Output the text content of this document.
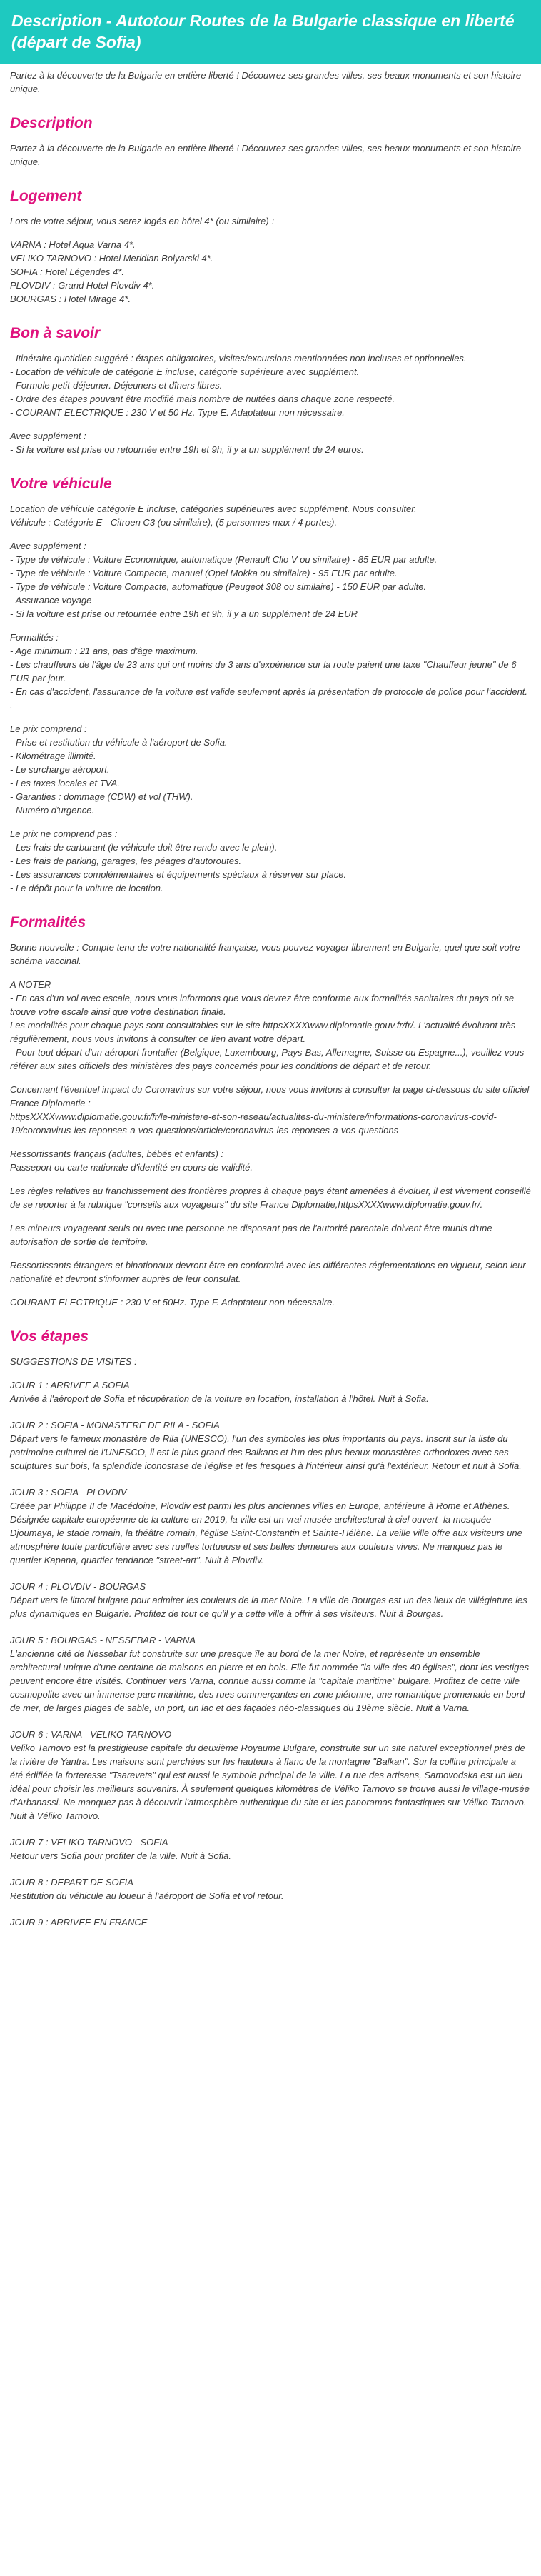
Description - Autotour Routes de la Bulgarie classique en liberté (départ de Sofia)

Partez à la découverte de la Bulgarie en entière liberté ! Découvrez ses grandes villes, ses beaux monuments et son histoire unique.

Description

Partez à la découverte de la Bulgarie en entière liberté ! Découvrez ses grandes villes, ses beaux monuments et son histoire unique.

Logement

Lors de votre séjour, vous serez logés en hôtel 4* (ou similaire) :

VARNA : Hotel Aqua Varna 4*.
VELIKO TARNOVO : Hotel Meridian Bolyarski 4*.
SOFIA : Hotel Légendes 4*.
PLOVDIV : Grand Hotel Plovdiv 4*.
BOURGAS : Hotel Mirage 4*.

Bon à savoir

- Itinéraire quotidien suggéré : étapes obligatoires, visites/excursions mentionnées non incluses et optionnelles.
- Location de véhicule de catégorie E incluse, catégorie supérieure avec supplément.
- Formule petit-déjeuner. Déjeuners et dîners libres.
- Ordre des étapes pouvant être modifié mais nombre de nuitées dans chaque zone respecté.
- COURANT ELECTRIQUE : 230 V et 50 Hz. Type E. Adaptateur non nécessaire.

Avec supplément :
- Si la voiture est prise ou retournée entre 19h et 9h, il y a un supplément de 24 euros.

Votre véhicule

Location de véhicule catégorie E incluse, catégories supérieures avec supplément. Nous consulter.
Véhicule : Catégorie E - Citroen C3 (ou similaire), (5 personnes max / 4 portes).

Avec supplément :
- Type de véhicule : Voiture Economique, automatique (Renault Clio V ou similaire) - 85 EUR par adulte.
- Type de véhicule : Voiture Compacte, manuel (Opel Mokka ou similaire) - 95 EUR par adulte.
- Type de véhicule : Voiture Compacte, automatique (Peugeot 308 ou similaire) - 150 EUR par adulte.
- Assurance voyage
- Si la voiture est prise ou retournée entre 19h et 9h, il y a un supplément de 24 EUR

Formalités :
- Age minimum : 21 ans, pas d'âge maximum.
- Les chauffeurs de l'âge de 23 ans qui ont moins de 3 ans d'expérience sur la route paient une taxe "Chauffeur jeune" de 6 EUR par jour.
- En cas d'accident, l'assurance de la voiture est valide seulement après la présentation de protocole de police pour l'accident. .

Le prix comprend :
- Prise et restitution du véhicule à l'aéroport de Sofia.
- Kilométrage illimité.
- Le surcharge aéroport.
- Les taxes locales et TVA.
- Garanties : dommage (CDW) et vol (THW).
- Numéro d'urgence.

Le prix ne comprend pas :
- Les frais de carburant (le véhicule doit être rendu avec le plein).
- Les frais de parking, garages, les péages d'autoroutes.
- Les assurances complémentaires et équipements spéciaux à réserver sur place.
- Le dépôt pour la voiture de location.

Formalités

Bonne nouvelle : Compte tenu de votre nationalité française, vous pouvez voyager librement en Bulgarie, quel que soit votre schéma vaccinal.

A NOTER
- En cas d'un vol avec escale, nous vous informons que vous devrez être conforme aux formalités sanitaires du pays où se trouve votre escale ainsi que votre destination finale.
Les modalités pour chaque pays sont consultables sur le site httpsXXXXwww.diplomatie.gouv.fr/fr/. L'actualité évoluant très régulièrement, nous vous invitons à consulter ce lien avant votre départ.
- Pour tout départ d'un aéroport frontalier (Belgique, Luxembourg, Pays-Bas, Allemagne, Suisse ou Espagne...), veuillez vous référer aux sites officiels des ministères des pays concernés pour les conditions de départ et de retour.

Concernant l'éventuel impact du Coronavirus sur votre séjour, nous vous invitons à consulter la page ci-dessous du site officiel France Diplomatie :
httpsXXXXwww.diplomatie.gouv.fr/fr/le-ministere-et-son-reseau/actualites-du-ministere/informations-coronavirus-covid-19/coronavirus-les-reponses-a-vos-questions/article/coronavirus-les-reponses-a-vos-questions

Ressortissants français (adultes, bébés et enfants) :
Passeport ou carte nationale d'identité en cours de validité.

Les règles relatives au franchissement des frontières propres à chaque pays étant amenées à évoluer, il est vivement conseillé de se reporter à la rubrique "conseils aux voyageurs" du site France Diplomatie,httpsXXXXwww.diplomatie.gouv.fr/.

Les mineurs voyageant seuls ou avec une personne ne disposant pas de l'autorité parentale doivent être munis d'une autorisation de sortie de territoire.

Ressortissants étrangers et binationaux devront être en conformité avec les différentes réglementations en vigueur, selon leur nationalité et devront s'informer auprès de leur consulat.

COURANT ELECTRIQUE : 230 V et 50Hz. Type F. Adaptateur non nécessaire.

Vos étapes

SUGGESTIONS DE VISITES :

JOUR 1 : ARRIVEE A SOFIA

Arrivée à l'aéroport de Sofia et récupération de la voiture en location, installation à l'hôtel. Nuit à Sofia.

JOUR 2 : SOFIA - MONASTERE DE RILA - SOFIA

Départ vers le fameux monastère de Rila (UNESCO), l'un des symboles les plus importants du pays. Inscrit sur la liste du patrimoine culturel de l'UNESCO, il est le plus grand des Balkans et l'un des plus beaux monastères orthodoxes avec ses sculptures sur bois, la splendide iconostase de l'église et les fresques à l'intérieur ainsi qu'à l'extérieur. Retour et nuit à Sofia.

JOUR 3 : SOFIA - PLOVDIV

Créée par Philippe II de Macédoine, Plovdiv est parmi les plus anciennes villes en Europe, antérieure à Rome et Athènes. Désignée capitale européenne de la culture en 2019, la ville est un vrai musée architectural à ciel ouvert -la mosquée Djoumaya, le stade romain, la théâtre romain, l'église Saint-Constantin et Sainte-Hélène. La veille ville offre aux visiteurs une atmosphère toute particulière avec ses ruelles tortueuse et ses belles demeures aux couleurs vives. Ne manquez pas le quartier Kapana, quartier tendance "street-art". Nuit à Plovdiv.

JOUR 4 : PLOVDIV - BOURGAS

Départ vers le littoral bulgare pour admirer les couleurs de la mer Noire. La ville de Bourgas est un des lieux de villégiature les plus dynamiques en Bulgarie. Profitez de tout ce qu'il y a cette ville à offrir à ses visiteurs. Nuit à Bourgas.

JOUR 5 : BOURGAS - NESSEBAR - VARNA

L'ancienne cité de Nessebar fut construite sur une presque île au bord de la mer Noire, et représente un ensemble architectural unique d'une centaine de maisons en pierre et en bois. Elle fut nommée "la ville des 40 églises", dont les vestiges peuvent encore être visités. Continuer vers Varna, connue aussi comme la "capitale maritime" bulgare. Profitez de cette ville cosmopolite avec un immense parc maritime, des rues commerçantes en zone piétonne, une romantique promenade en bord de mer, de larges plages de sable, un port, un lac et des façades néo-classiques du 19ème siècle. Nuit à Varna.

JOUR 6 : VARNA - VELIKO TARNOVO

Veliko Tarnovo est la prestigieuse capitale du deuxième Royaume Bulgare, construite sur un site naturel exceptionnel près de la rivière de Yantra. Les maisons sont perchées sur les hauteurs à flanc de la montagne "Balkan". Sur la colline principale a été édifiée la forteresse "Tsarevets" qui est aussi le symbole principal de la ville. La rue des artisans, Samovodska est un lieu idéal pour choisir les meilleurs souvenirs. À seulement quelques kilomètres de Véliko Tarnovo se trouve aussi le village-musée d'Arbanassi. Ne manquez pas à découvrir l'atmosphère authentique du site et les panoramas fantastiques sur Véliko Tarnovo. Nuit à Véliko Tarnovo.

JOUR 7 : VELIKO TARNOVO - SOFIA

Retour vers Sofia pour profiter de la ville. Nuit à Sofia.

JOUR 8 : DEPART DE SOFIA

Restitution du véhicule au loueur à l'aéroport de Sofia et vol retour.

JOUR 9 : ARRIVEE EN FRANCE
